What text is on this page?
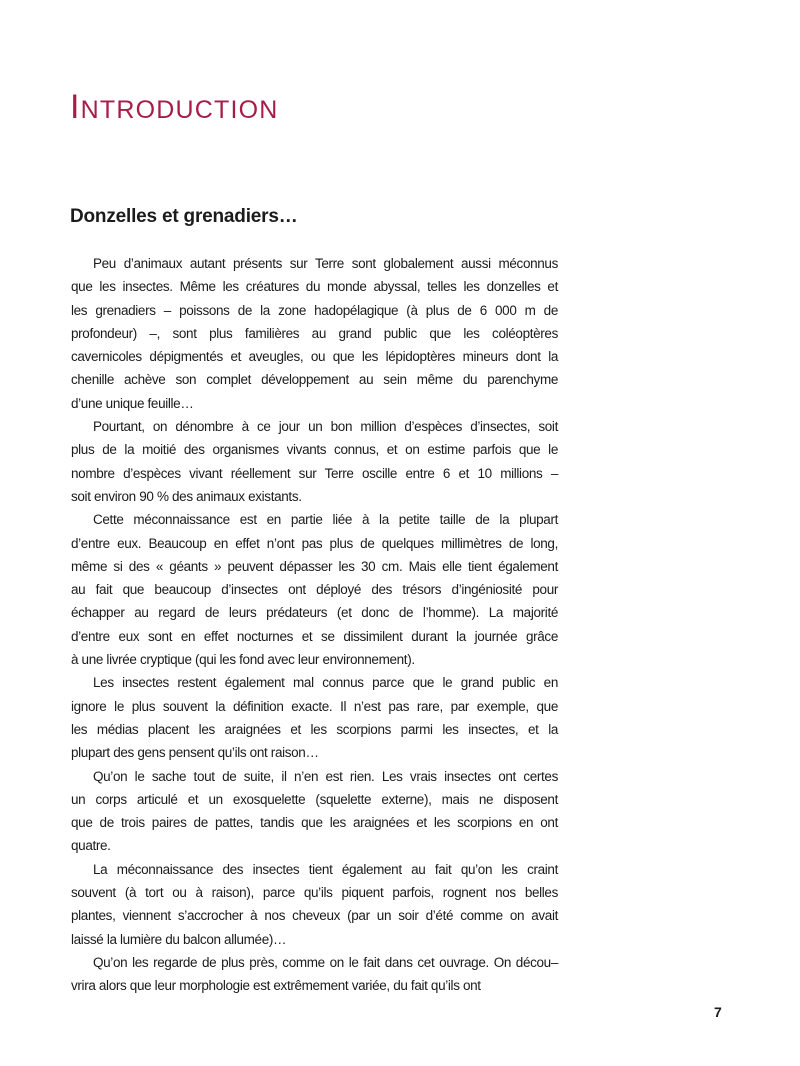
INTRODUCTION
Donzelles et grenadiers…
Peu d’animaux autant présents sur Terre sont globalement aussi méconnus
que les insectes. Même les créatures du monde abyssal, telles les donzelles et
les grenadiers – poissons de la zone hadopélagique (à plus de 6 000 m de
profondeur) –, sont plus familières au grand public que les coléoptères
cavernicoles dépigmentés et aveugles, ou que les lépidoptères mineurs dont la
chenille achève son complet développement au sein même du parenchyme
d’une unique feuille…
Pourtant, on dénombre à ce jour un bon million d’espèces d’insectes, soit
plus de la moitié des organismes vivants connus, et on estime parfois que le
nombre d’espèces vivant réellement sur Terre oscille entre 6 et 10 millions –
soit environ 90 % des animaux existants.
Cette méconnaissance est en partie liée à la petite taille de la plupart
d’entre eux. Beaucoup en effet n’ont pas plus de quelques millimètres de long,
même si des « géants » peuvent dépasser les 30 cm. Mais elle tient également
au fait que beaucoup d’insectes ont déployé des trésors d’ingéniosité pour
échapper au regard de leurs prédateurs (et donc de l’homme). La majorité
d’entre eux sont en effet nocturnes et se dissimilent durant la journée grâce
à une livrée cryptique (qui les fond avec leur environnement).
Les insectes restent également mal connus parce que le grand public en
ignore le plus souvent la définition exacte. Il n’est pas rare, par exemple, que
les médias placent les araignées et les scorpions parmi les insectes, et la
plupart des gens pensent qu’ils ont raison…
Qu’on le sache tout de suite, il n’en est rien. Les vrais insectes ont certes
un corps articulé et un exosquelette (squelette externe), mais ne disposent
que de trois paires de pattes, tandis que les araignées et les scorpions en ont
quatre.
La méconnaissance des insectes tient également au fait qu’on les craint
souvent (à tort ou à raison), parce qu’ils piquent parfois, rognent nos belles
plantes, viennent s’accrocher à nos cheveux (par un soir d’été comme on avait
laissé la lumière du balcon allumée)…
Qu’on les regarde de plus près, comme on le fait dans cet ouvrage. On décou–
vrira alors que leur morphologie est extrêmement variée, du fait qu’ils ont
7
